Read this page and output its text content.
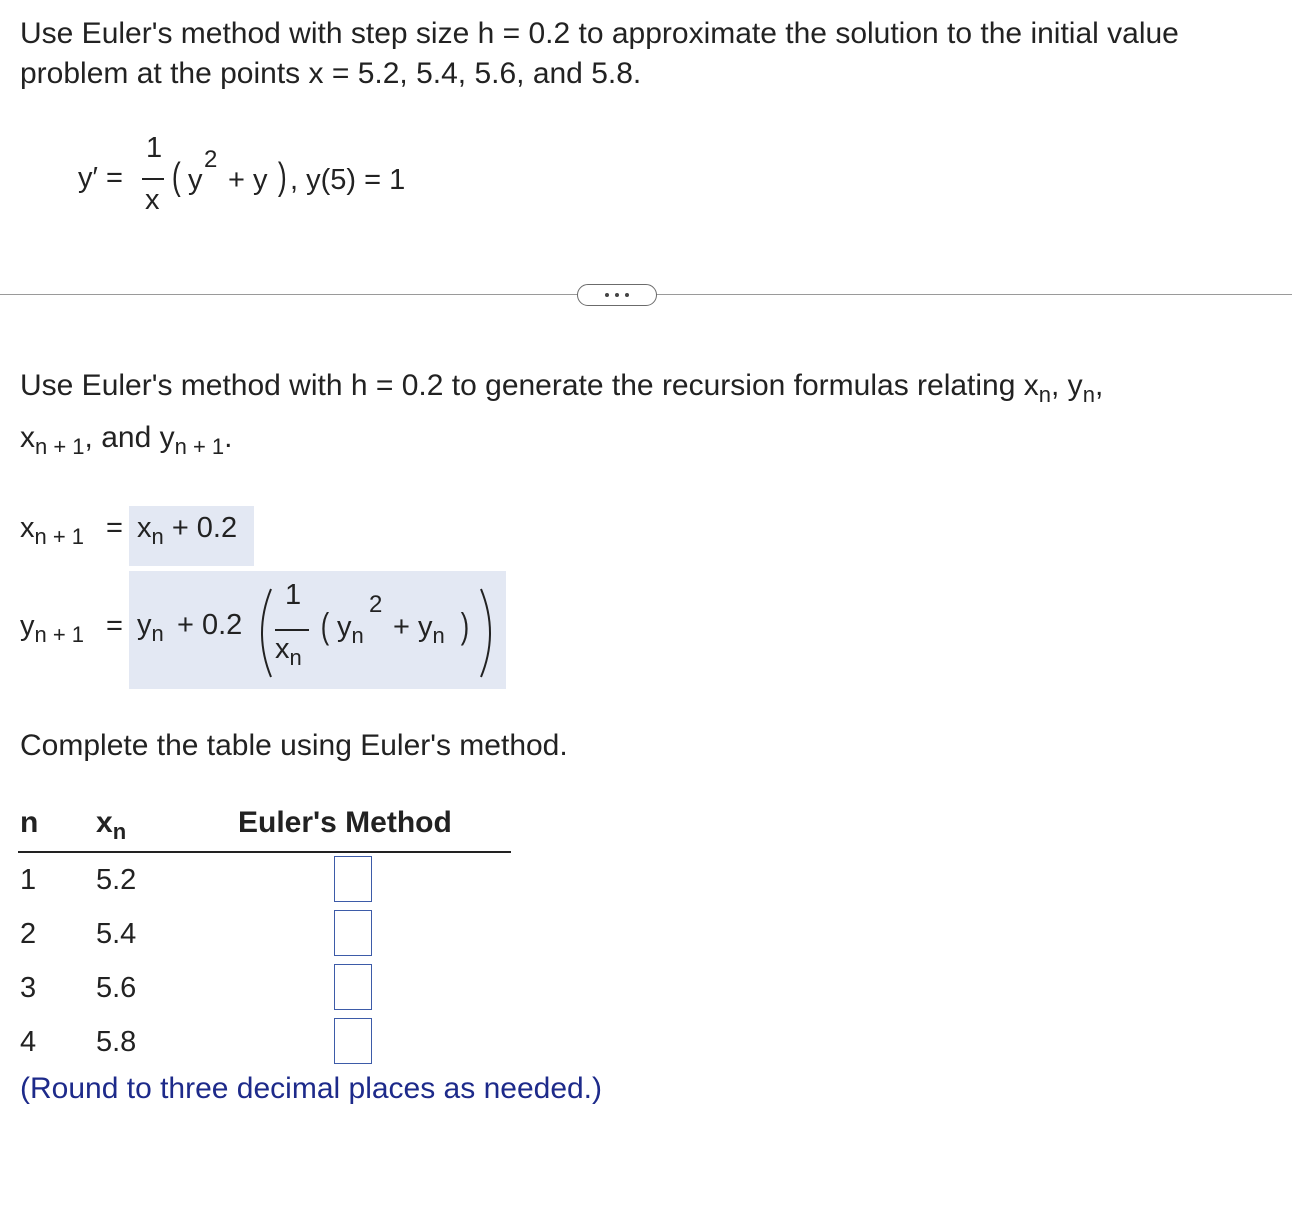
Use Euler's method with step size h = 0.2 to approximate the solution to the initial value
problem at the points x = 5.2, 5.4, 5.6, and 5.8.
y′ =
1
x
( y
2
+ y ) , y(5) = 1
Use Euler's method with h = 0.2 to generate the recursion formulas relating $x_n$, $y_n$,
$x_{n + 1}$, and $y_{n + 1}$.
$x_{n + 1} = x_n + 0.2$
$y_{n + 1} = y_n + 0.2$
1
$x_n$
( $y_n$
2
+ $y_n$ )
Complete the table using Euler's method.
n $x_n$	Euler's Method
1 5.2
2 5.4
3 5.6
4 5.8
(Round to three decimal places as needed.)
